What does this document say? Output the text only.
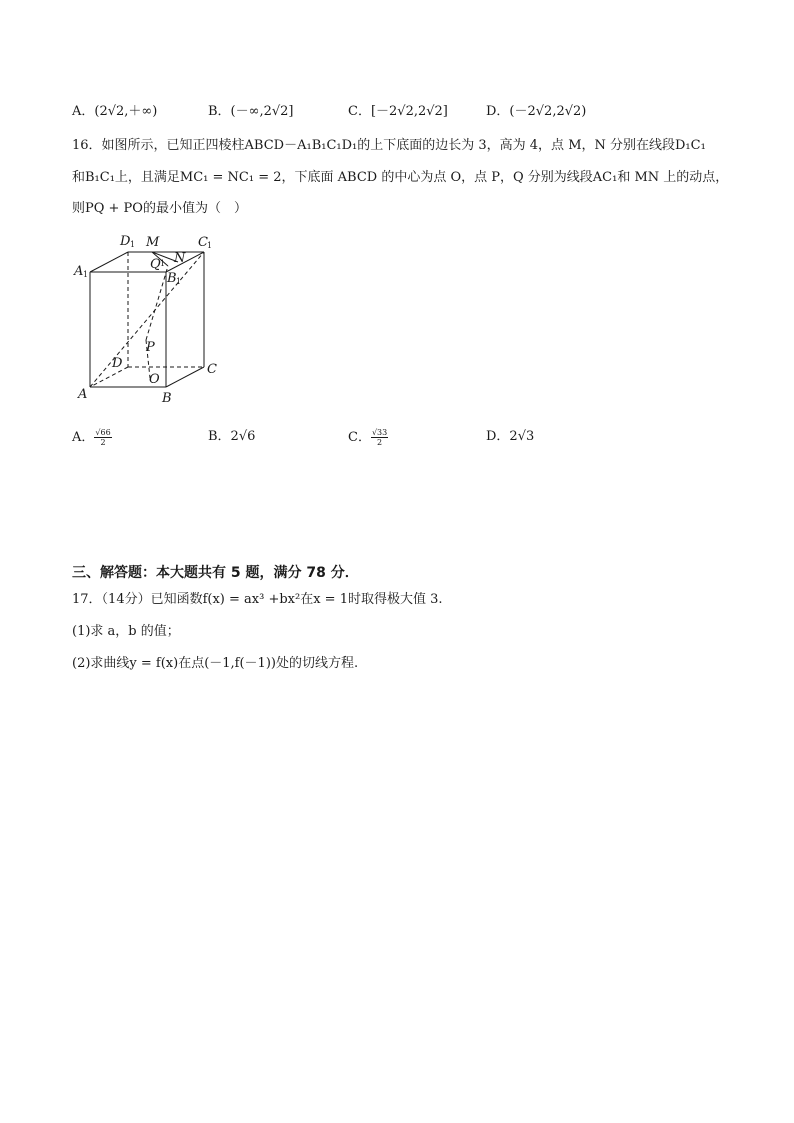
A．(2√2,＋∞)	B．(－∞,2√2]	C．[－2√2,2√2]	D．(－2√2,2√2)
16．如图所示，已知正四棱柱ABCD－A₁B₁C₁D₁的上下底面的边长为 3，高为 4，点 M，N 分别在线段D₁C₁
和B₁C₁上，且满足MC₁ = NC₁ = 2，下底面 ABCD 的中心为点 O，点 P，Q 分别为线段AC₁和 MN 上的动点，
则PQ + PO的最小值为（　）
D 1 M	C 1
A 1
Q 1 N
B 1
P
D	C
O
A	B
A． $\frac{√66}{2}$	B．2√6	C． $\frac{√33}{2}$	D．2√3
三、解答题：本大题共有 5 题，满分 78 分．
17．（14分）已知函数f(x) = ax³ +bx²在x = 1时取得极大值 3.
(1)求 a，b 的值；
(2)求曲线y = f(x)在点(－1,f(－1))处的切线方程.
